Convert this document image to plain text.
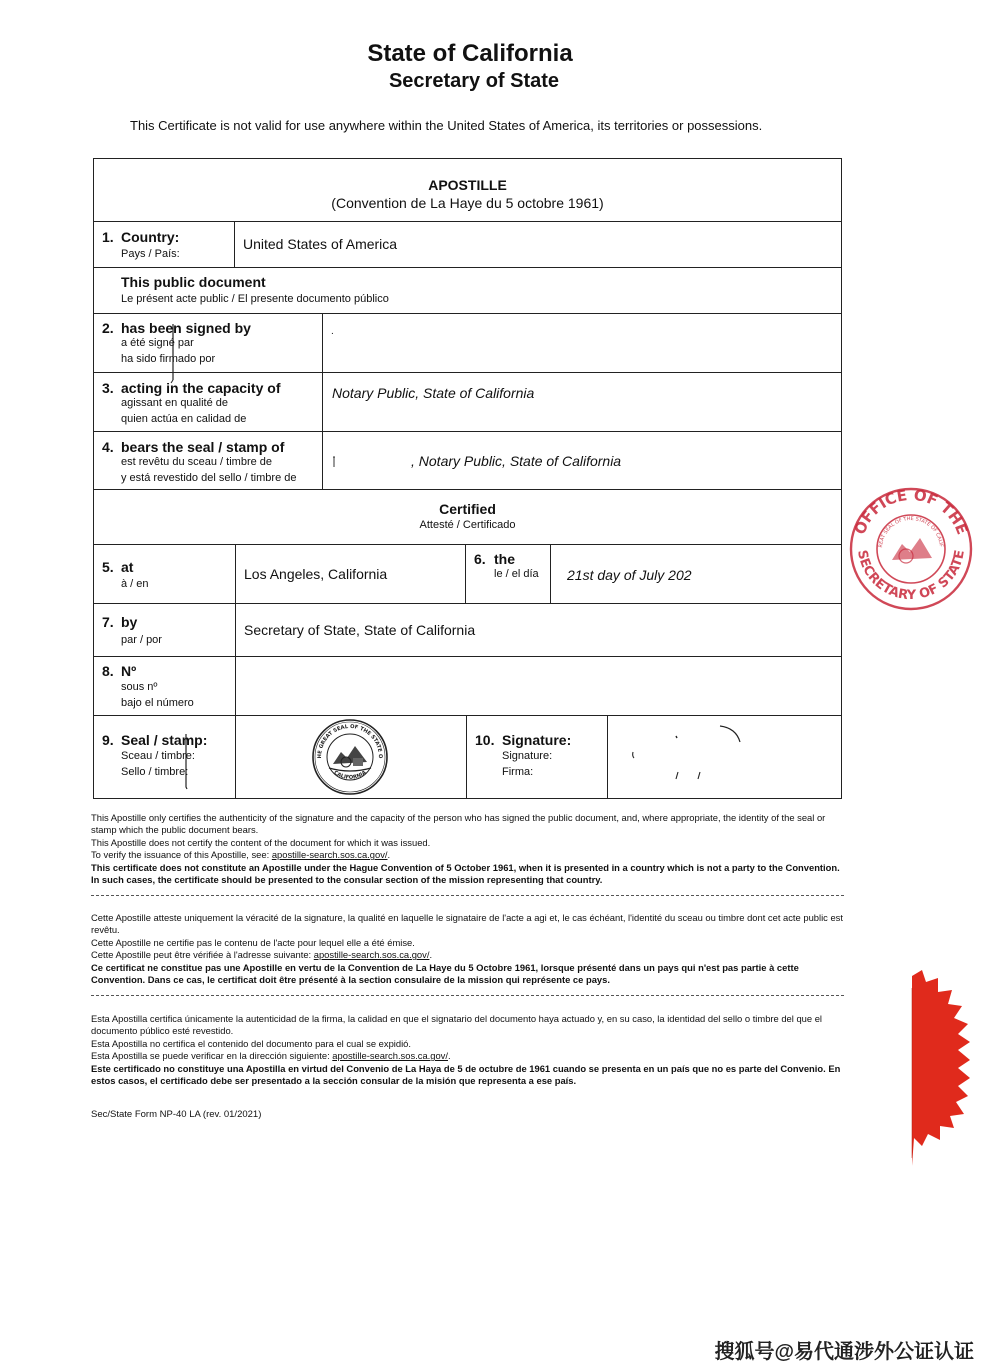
State of California
Secretary of State
This Certificate is not valid for use anywhere within the United States of America, its territories or possessions.
APOSTILLE
(Convention de La Haye du 5 octobre 1961)
1. Country:
Pays / País:
United States of America
This public document
Le présent acte public / El presente documento público
2. has been signed by
a été signé par
ha sido firmado por
.
3. acting in the capacity of
agissant en qualité de
quien actúa en calidad de
Notary Public, State of California
4. bears the seal / stamp of
est revêtu du sceau / timbre de
y está revestido del sello / timbre de
, Notary Public, State of California
Certified
Attesté / Certificado
5. at
à / en
Los Angeles, California
6. the
le / el día 21st day of July 202
7. by
par / por
Secretary of State, State of California
8. Nº
sous nº
bajo el número
9. Seal / stamp:
Sceau / timbre:
Sello / timbre:
HE GREAT SEAL OF THE STATE O
CALIFORNIA
10. Signature:
Signature:
Firma:

This Apostille only certifies the authenticity of the signature and the capacity of the person who has signed the public document, and, where appropriate, the identity of the seal or stamp which the public document bears.

This Apostille does not certify the content of the document for which it was issued.

To verify the issuance of this Apostille, see: apostille-search.sos.ca.gov/.

This certificate does not constitute an Apostille under the Hague Convention of 5 October 1961, when it is presented in a country which is not a party to the Convention. In such cases, the certificate should be presented to the consular section of the mission representing that country.

Cette Apostille atteste uniquement la véracité de la signature, la qualité en laquelle le signataire de l'acte a agi et, le cas échéant, l'identité du sceau ou timbre dont cet acte public est revêtu.

Cette Apostille ne certifie pas le contenu de l'acte pour lequel elle a été émise.

Cette Apostille peut être vérifiée à l'adresse suivante: apostille-search.sos.ca.gov/.

Ce certificat ne constitue pas une Apostille en vertu de la Convention de La Haye du 5 Octobre 1961, lorsque présenté dans un pays qui n'est pas partie à cette Convention. Dans ce cas, le certificat doit être présenté à la section consulaire de la mission qui représente ce pays.

Esta Apostilla certifica únicamente la autenticidad de la firma, la calidad en que el signatario del documento haya actuado y, en su caso, la identidad del sello o timbre del que el documento público esté revestido.

Esta Apostilla no certifica el contenido del documento para el cual se expidió.

Esta Apostilla se puede verificar en la dirección siguiente: apostille-search.sos.ca.gov/.

Este certificado no constituye una Apostilla en virtud del Convenio de La Haya de 5 de octubre de 1961 cuando se presenta en un país que no es parte del Convenio. En estos casos, el certificado debe ser presentado a la sección consular de la misión que representa a ese país.

Sec/State Form NP-40 LA (rev. 01/2021)
OFFICE OF THE
SECRETARY OF STATE
REAT SEAL OF THE STATE OF CALIF
搜狐号@易代通涉外公证认证
